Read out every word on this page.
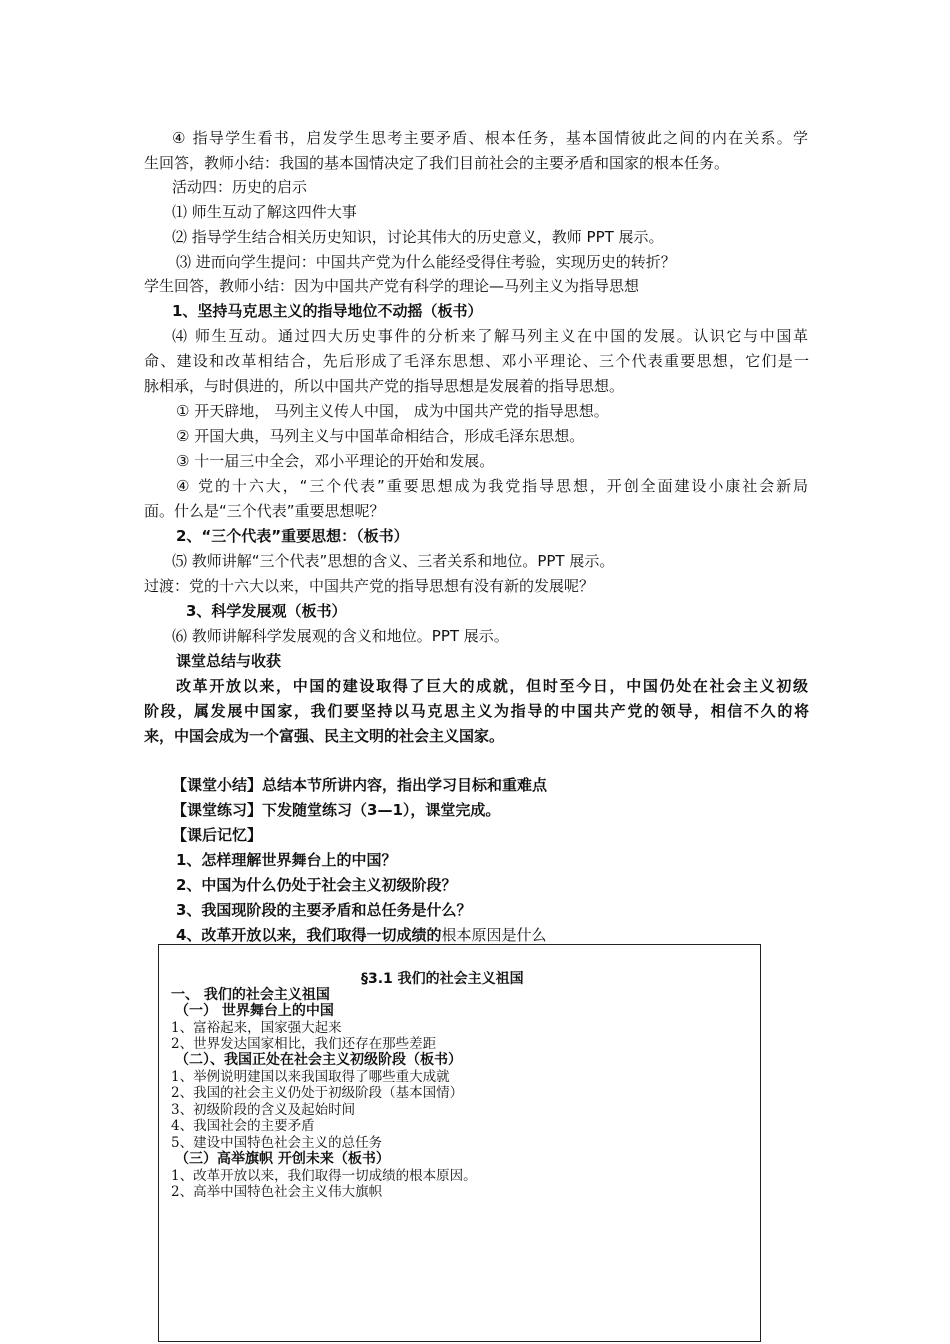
④ 指导学生看书，启发学生思考主要矛盾、根本任务，基本国情彼此之间的内在关系。学
生回答，教师小结：我国的基本国情决定了我们目前社会的主要矛盾和国家的根本任务。
活动四：历史的启示
⑴ 师生互动了解这四件大事
⑵ 指导学生结合相关历史知识，讨论其伟大的历史意义，教师 PPT 展示。
⑶ 进而向学生提问：中国共产党为什么能经受得住考验，实现历史的转折？
学生回答，教师小结：因为中国共产党有科学的理论—马列主义为指导思想
1、坚持马克思主义的指导地位不动摇（板书）
⑷ 师生互动。通过四大历史事件的分析来了解马列主义在中国的发展。认识它与中国革
命、建设和改革相结合，先后形成了毛泽东思想、邓小平理论、三个代表重要思想，它们是一
脉相承，与时俱进的，所以中国共产党的指导思想是发展着的指导思想。
① 开天辟地， 马列主义传人中国， 成为中国共产党的指导思想。
② 开国大典，马列主义与中国革命相结合，形成毛泽东思想。
③ 十一届三中全会，邓小平理论的开始和发展。
④ 党的十六大，“三个代表”重要思想成为我党指导思想，开创全面建设小康社会新局
面。什么是“三个代表”重要思想呢？
2、“三个代表”重要思想：（板书）
⑸ 教师讲解“三个代表”思想的含义、三者关系和地位。PPT 展示。
过渡：党的十六大以来，中国共产党的指导思想有没有新的发展呢？
3、科学发展观（板书）
⑹ 教师讲解科学发展观的含义和地位。PPT 展示。
课堂总结与收获
改革开放以来，中国的建设取得了巨大的成就，但时至今日，中国仍处在社会主义初级
阶段，属发展中国家，我们要坚持以马克思主义为指导的中国共产党的领导，相信不久的将
来，中国会成为一个富强、民主文明的社会主义国家。
【课堂小结】总结本节所讲内容，指出学习目标和重难点
【课堂练习】下发随堂练习（3—1），课堂完成。
【课后记忆】
1、怎样理解世界舞台上的中国？
2、中国为什么仍处于社会主义初级阶段？
3、我国现阶段的主要矛盾和总任务是什么？
4、改革开放以来，我们取得一切成绩的根本原因是什么
§3.1 我们的社会主义祖国
一、 我们的社会主义祖国
（一） 世界舞台上的中国
1、富裕起来，国家强大起来
2、世界发达国家相比，我们还存在那些差距
（二）、我国正处在社会主义初级阶段（板书）
1、举例说明建国以来我国取得了哪些重大成就
2、我国的社会主义仍处于初级阶段（基本国情）
3、初级阶段的含义及起始时间
4、我国社会的主要矛盾
5、建设中国特色社会主义的总任务
（三）高举旗帜 开创未来（板书）
1、改革开放以来，我们取得一切成绩的根本原因。
2、高举中国特色社会主义伟大旗帜
